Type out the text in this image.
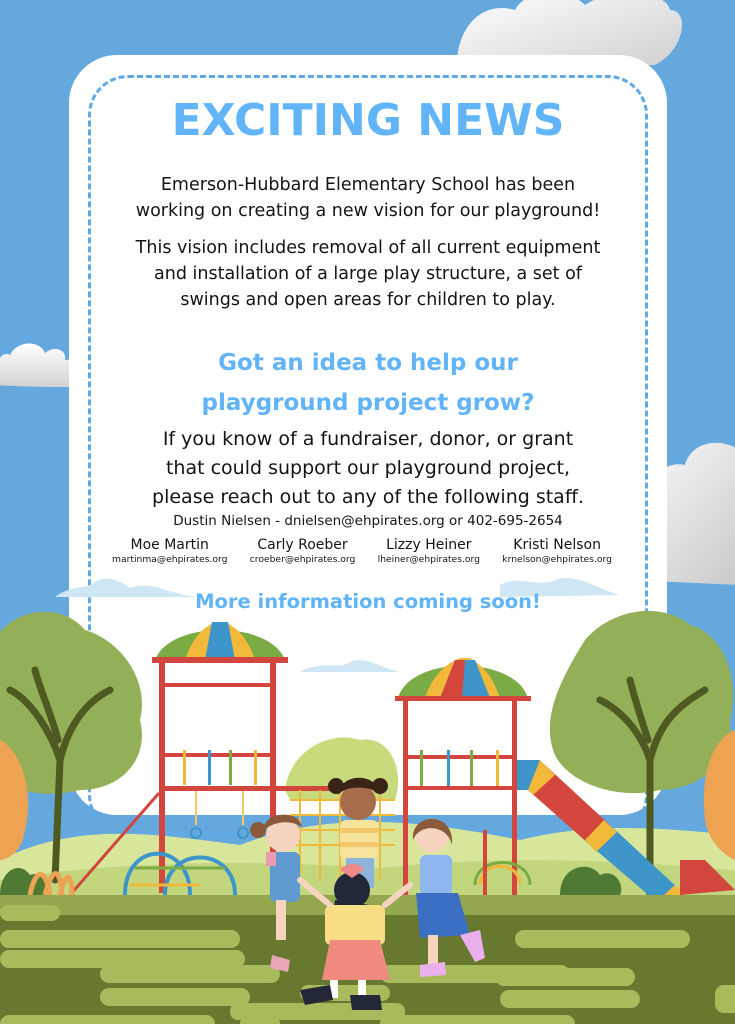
EXCITING NEWS
Emerson-Hubbard Elementary School has been
working on creating a new vision for our playground!
This vision includes removal of all current equipment
and installation of a large play structure, a set of
swings and open areas for children to play.
Got an idea to help our
playground project grow?
If you know of a fundraiser, donor, or grant
that could support our playground project,
please reach out to any of the following staff.
Dustin Nielsen - dnielsen@ehpirates.org or 402-695-2654
Moe Martin
martinma@ehpirates.org
Carly Roeber
croeber@ehpirates.org
Lizzy Heiner
lheiner@ehpirates.org
Kristi Nelson
krnelson@ehpirates.org
More information coming soon!
